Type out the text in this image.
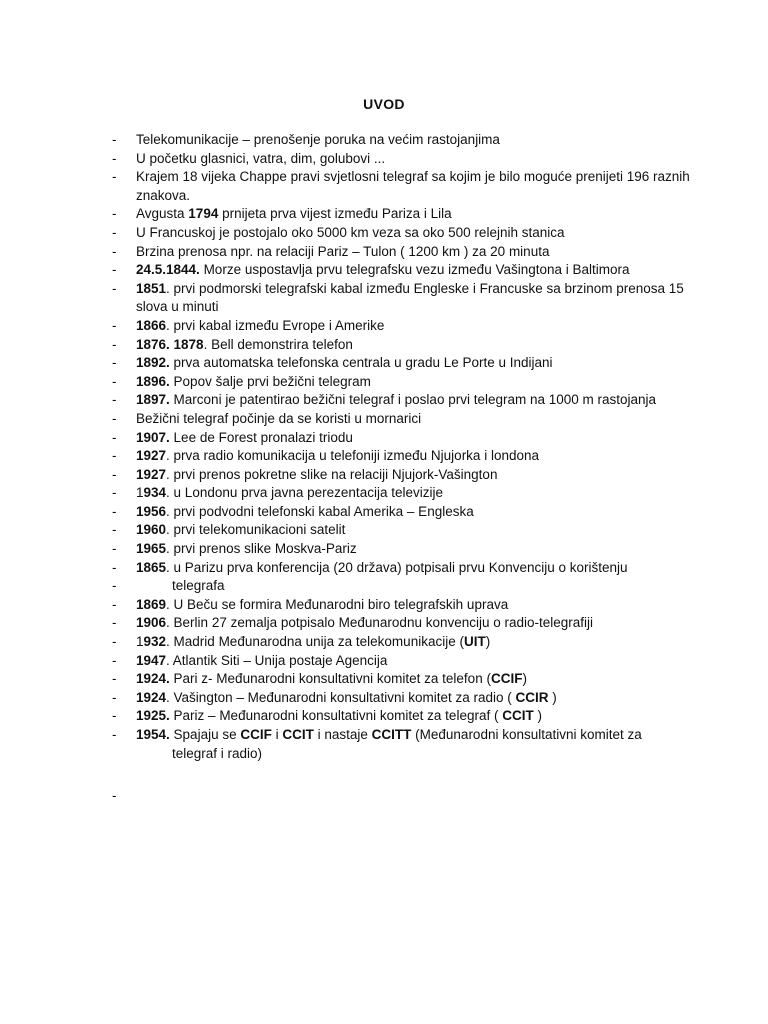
UVOD
- Telekomunikacije – prenošenje poruka na većim rastojanjima
- U početku glasnici, vatra, dim, golubovi ...
- Krajem 18 vijeka Chappe pravi svjetlosni telegraf sa kojim je bilo moguće prenijeti 196 raznih znakova.
- Avgusta 1794 prnijeta prva vijest između Pariza i Lila
- U Francuskoj je postojalo oko 5000 km veza sa oko 500 relejnih stanica
- Brzina prenosa npr. na relaciji Pariz – Tulon ( 1200 km ) za 20 minuta
- 24.5.1844. Morze uspostavlja prvu telegrafsku vezu između Vašingtona i Baltimora
- 1851. prvi podmorski telegrafski kabal između Engleske i Francuske sa brzinom prenosa 15 slova u minuti
- 1866. prvi kabal između Evrope i Amerike
- 1876. 1878. Bell demonstrira telefon
- 1892. prva automatska telefonska centrala u gradu Le Porte u Indijani
- 1896. Popov šalje prvi bežični telegram
- 1897. Marconi je patentirao bežični telegraf i poslao prvi telegram na 1000 m rastojanja
- Bežični telegraf počinje da se koristi u mornarici
- 1907. Lee de Forest pronalazi triodu
- 1927. prva radio komunikacija u telefoniji između Njujorka i londona
- 1927. prvi prenos pokretne slike na relaciji Njujork-Vašington
- 1934. u Londonu prva javna perezentacija televizije
- 1956. prvi podvodni telefonski kabal Amerika – Engleska
- 1960. prvi telekomunikacioni satelit
- 1965. prvi prenos slike Moskva-Pariz
- 1865. u Parizu prva konferencija (20 država) potpisali prvu Konvenciju o korištenju
-	telegrafa
- 1869. U Beču se formira Međunarodni biro telegrafskih uprava
- 1906. Berlin 27 zemalja potpisalo Međunarodnu konvenciju o radio-telegrafiji
- 1932. Madrid Međunarodna unija za telekomunikacije (UIT)
- 1947. Atlantik Siti – Unija postaje Agencija
- 1924. Pari z- Međunarodni konsultativni komitet za telefon (CCIF)
- 1924. Vašington – Međunarodni konsultativni komitet za radio ( CCIR )
- 1925. Pariz – Međunarodni konsultativni komitet za telegraf ( CCIT )
- 1954. Spajaju se CCIF i CCIT i nastaje CCITT (Međunarodni konsultativni komitet za
telegraf i radio)
-
